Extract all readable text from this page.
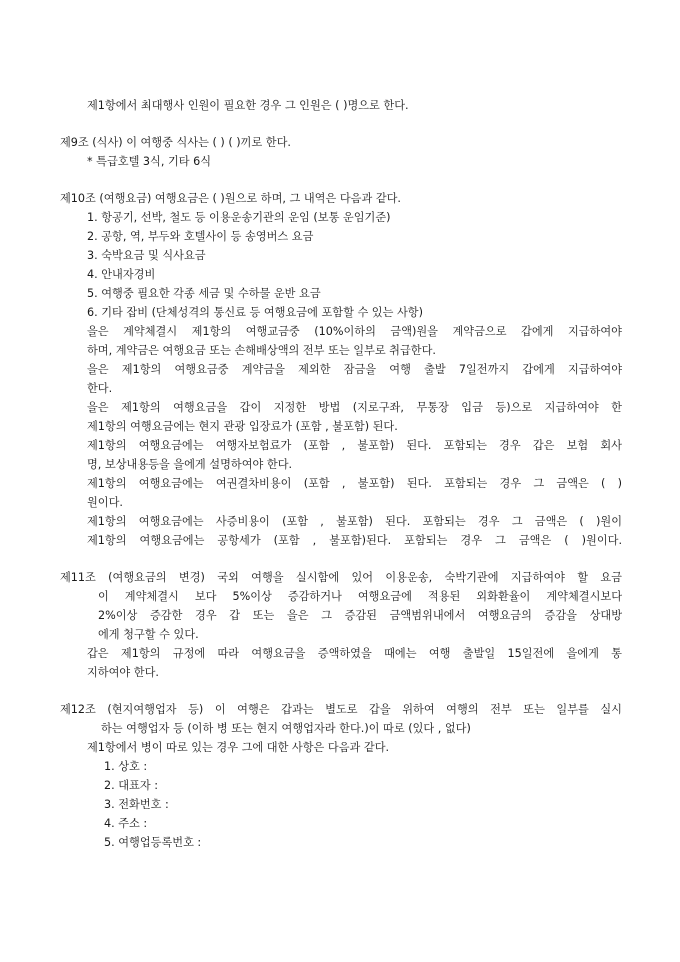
제1항에서 최대행사 인원이 필요한 경우 그 인원은 ( )명으로 한다.
제9조 (식사) 이 여행중 식사는 ( ) ( )끼로 한다.
* 특급호텔 3식, 기타 6식
제10조 (여행요금) 여행요금은 ( )원으로 하며, 그 내역은 다음과 같다.
1. 항공기, 선박, 철도 등 이용운송기관의 운임 (보통 운임기준)
2. 공항, 역, 부두와 호텔사이 등 송영버스 요금
3. 숙박요금 및 식사요금
4. 안내자경비
5. 여행중 필요한 각종 세금 및 수하물 운반 요금
6. 기타 잡비 (단체성격의 통신료 등 여행요금에 포함할 수 있는 사항)
을은 계약체결시 제1항의 여행교금중 (10%이하의 금액)원을 계약금으로 갑에게 지급하여야
하며, 계약금은 여행요금 또는 손해배상액의 전부 또는 일부로 취급한다.
을은 제1항의 여행요금중 계약금을 제외한 잠금을 여행 출발 7일전까지 갑에게 지급하여야
한다.
을은 제1항의 여행요금을 갑이 지정한 방법 (지로구좌, 무통장 입금 등)으로 지급하여야 한
제1항의 여행요금에는 현지 관광 입장료가 (포함 , 불포함) 된다.
제1항의 여행요금에는 여행자보험료가 (포함 , 불포함) 된다. 포함되는 경우 갑은 보험 회사
명, 보상내용등을 을에게 설명하여야 한다.
제1항의 여행요금에는 여권결차비용이 (포함 , 불포함) 된다. 포함되는 경우 그 금액은 ( )
원이다.
제1항의 여행요금에는 사증비용이 (포함 , 불포함) 된다. 포함되는 경우 그 금액은 ( )원이
제1항의 여행요금에는 공항세가 (포함 , 불포함)된다. 포함되는 경우 그 금액은 ( )원이다.
제11조 (여행요금의 변경) 국외 여행을 실시함에 있어 이용운송, 숙박기관에 지급하여야 할 요금
이 계약체결시 보다 5%이상 증감하거나 여행요금에 적용된 외화환율이 계약체결시보다
2%이상 증감한 경우 갑 또는 을은 그 증감된 금액범위내에서 여행요금의 증감을 상대방
에게 청구할 수 있다.
갑은 제1항의 규정에 따라 여행요금을 증액하였을 때에는 여행 출발일 15일전에 을에게 통
지하여야 한다.
제12조 (현지여행업자 등) 이 여행은 갑과는 별도로 갑을 위하여 여행의 전부 또는 일부를 실시
하는 여행업자 등 (이하 병 또는 현지 여행업자라 한다.)이 따로 (있다 , 없다)
제1항에서 병이 따로 있는 경우 그에 대한 사항은 다음과 같다.
1. 상호 :
2. 대표자 :
3. 전화번호 :
4. 주소 :
5. 여행업등록번호 :
